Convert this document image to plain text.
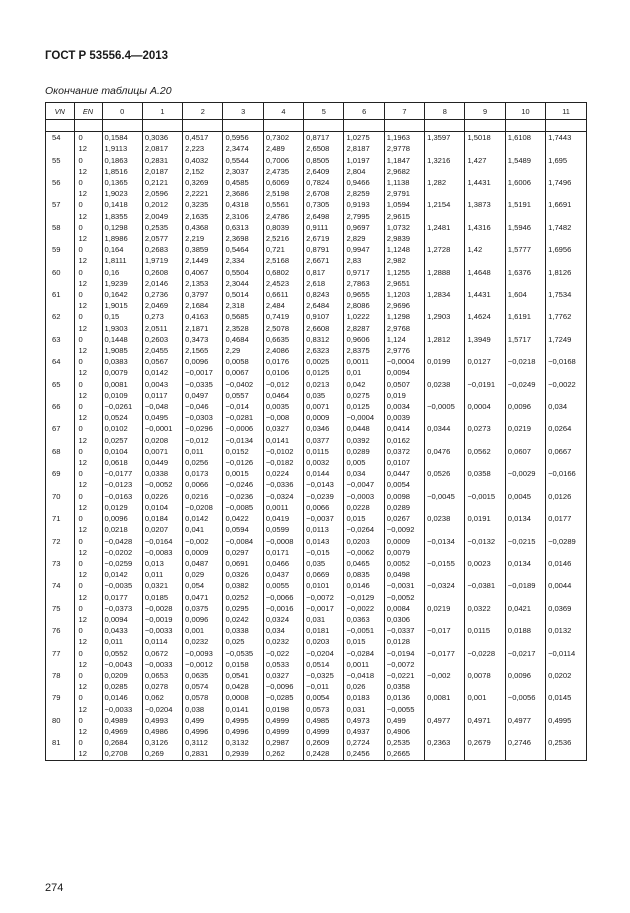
ГОСТ Р 53556.4—2013
Окончание таблицы А.20
VN	EN	0	1	2	3	4	5	6	7	8	9	10	11

54	0	0,1584	0,3036	0,4517	0,5956	0,7302	0,8717	1,0275	1,1963	1,3597	1,5018	1,6108	1,7443
	12	1,9113	2,0817	2,223	2,3474	2,489	2,6508	2,8187	2,9778				
55	0	0,1863	0,2831	0,4032	0,5544	0,7006	0,8505	1,0197	1,1847	1,3216	1,427	1,5489	1,695
	12	1,8516	2,0187	2,152	2,3037	2,4735	2,6409	2,804	2,9682				
56	0	0,1365	0,2121	0,3269	0,4585	0,6069	0,7824	0,9466	1,1138	1,282	1,4431	1,6006	1,7496
	12	1,9023	2,0596	2,2221	2,3686	2,5198	2,6708	2,8259	2,9791				
57	0	0,1418	0,2012	0,3235	0,4318	0,5561	0,7305	0,9193	1,0594	1,2154	1,3873	1,5191	1,6691
	12	1,8355	2,0049	2,1635	2,3106	2,4786	2,6498	2,7995	2,9615				
58	0	0,1298	0,2535	0,4368	0,6313	0,8039	0,9111	0,9697	1,0732	1,2481	1,4316	1,5946	1,7482
	12	1,8986	2,0577	2,219	2,3698	2,5216	2,6719	2,829	2,9839				
59	0	0,164	0,2683	0,3859	0,5464	0,721	0,8791	0,9947	1,1248	1,2728	1,42	1,5777	1,6956
	12	1,8111	1,9719	2,1449	2,334	2,5168	2,6671	2,83	2,982				
60	0	0,16	0,2608	0,4067	0,5504	0,6802	0,817	0,9717	1,1255	1,2888	1,4648	1,6376	1,8126
	12	1,9239	2,0146	2,1353	2,3044	2,4523	2,618	2,7863	2,9651				
61	0	0,1642	0,2736	0,3797	0,5014	0,6611	0,8243	0,9655	1,1203	1,2834	1,4431	1,604	1,7534
	12	1,9015	2,0469	2,1684	2,318	2,484	2,6484	2,8086	2,9696				
62	0	0,15	0,273	0,4163	0,5685	0,7419	0,9107	1,0222	1,1298	1,2903	1,4624	1,6191	1,7762
	12	1,9303	2,0511	2,1871	2,3528	2,5078	2,6608	2,8287	2,9768				
63	0	0,1448	0,2603	0,3473	0,4684	0,6635	0,8312	0,9606	1,124	1,2812	1,3949	1,5717	1,7249
	12	1,9085	2,0455	2,1565	2,29	2,4086	2,6323	2,8375	2,9776				
64	0	0,0383	0,0567	0,0096	0,0058	0,0176	0,0025	0,0011	−0,0004	0,0199	0,0127	−0,0218	−0,0168
	12	0,0079	0,0142	−0,0017	0,0067	0,0106	0,0125	0,01	0,0094				
65	0	0,0081	0,0043	−0,0335	−0,0402	−0,012	0,0213	0,042	0,0507	0,0238	−0,0191	−0,0249	−0,0022
	12	0,0109	0,0117	0,0497	0,0557	0,0464	0,035	0,0275	0,019				
66	0	−0,0261	−0,048	−0,046	−0,014	0,0035	0,0071	0,0125	0,0034	−0,0005	0,0004	0,0096	0,034
	12	0,0524	0,0495	−0,0303	−0,0281	−0,008	0,0009	−0,0004	0,0039				
67	0	0,0102	−0,0001	−0,0296	−0,0006	0,0327	0,0346	0,0448	0,0414	0,0344	0,0273	0,0219	0,0264
	12	0,0257	0,0208	−0,012	−0,0134	0,0141	0,0377	0,0392	0,0162				
68	0	0,0104	0,0071	0,011	0,0152	−0,0102	0,0115	0,0289	0,0372	0,0476	0,0562	0,0607	0,0667
	12	0,0618	0,0449	0,0256	−0,0126	−0,0182	0,0032	0,005	0,0107				
69	0	−0,0177	0,0338	0,0173	0,0015	0,0224	0,0144	0,034	0,0447	0,0526	0,0358	−0,0029	−0,0166
	12	−0,0123	−0,0052	0,0066	−0,0246	−0,0336	−0,0143	−0,0047	0,0054				
70	0	−0,0163	0,0226	0,0216	−0,0236	−0,0324	−0,0239	−0,0003	0,0098	−0,0045	−0,0015	0,0045	0,0126
	12	0,0129	0,0104	−0,0208	−0,0085	0,0011	0,0066	0,0228	0,0289				
71	0	0,0096	0,0184	0,0142	0,0422	0,0419	−0,0037	0,015	0,0267	0,0238	0,0191	0,0134	0,0177
	12	0,0218	0,0207	0,041	0,0594	0,0599	0,0113	−0,0264	−0,0092				
72	0	−0,0428	−0,0164	−0,002	−0,0084	−0,0008	0,0143	0,0203	0,0009	−0,0134	−0,0132	−0,0215	−0,0289
	12	−0,0202	−0,0083	0,0009	0,0297	0,0171	−0,015	−0,0062	0,0079				
73	0	−0,0259	0,013	0,0487	0,0691	0,0466	0,035	0,0465	0,0052	−0,0155	0,0023	0,0134	0,0146
	12	0,0142	0,011	0,029	0,0326	0,0437	0,0669	0,0835	0,0498				
74	0	−0,0035	0,0321	0,054	0,0382	0,0055	0,0101	0,0146	−0,0031	−0,0324	−0,0381	−0,0189	0,0044
	12	0,0177	0,0185	0,0471	0,0252	−0,0066	−0,0072	−0,0129	−0,0052				
75	0	−0,0373	−0,0028	0,0375	0,0295	−0,0016	−0,0017	−0,0022	0,0084	0,0219	0,0322	0,0421	0,0369
	12	0,0094	−0,0019	0,0096	0,0242	0,0324	0,031	0,0363	0,0306				
76	0	0,0433	−0,0033	0,001	0,0338	0,034	0,0181	−0,0051	−0,0337	−0,017	0,0115	0,0188	0,0132
	12	0,011	0,0114	0,0232	0,025	0,0232	0,0203	0,015	0,0128				
77	0	0,0552	0,0672	−0,0093	−0,0535	−0,022	−0,0204	−0,0284	−0,0194	−0,0177	−0,0228	−0,0217	−0,0114
	12	−0,0043	−0,0033	−0,0012	0,0158	0,0533	0,0514	0,0011	−0,0072				
78	0	0,0209	0,0653	0,0635	0,0541	0,0327	−0,0325	−0,0418	−0,0221	−0,002	0,0078	0,0096	0,0202
	12	0,0285	0,0278	0,0574	0,0428	−0,0096	−0,011	0,026	0,0358				
79	0	0,0146	0,062	0,0578	0,0008	−0,0285	0,0054	0,0183	0,0136	0,0081	0,001	−0,0056	0,0145
	12	−0,0033	−0,0204	0,038	0,0141	0,0198	0,0573	0,031	−0,0055				
80	0	0,4989	0,4993	0,499	0,4995	0,4999	0,4985	0,4973	0,499	0,4977	0,4971	0,4977	0,4995
	12	0,4969	0,4986	0,4996	0,4996	0,4999	0,4999	0,4937	0,4906				
81	0	0,2684	0,3126	0,3112	0,3132	0,2987	0,2609	0,2724	0,2535	0,2363	0,2679	0,2746	0,2536
	12	0,2708	0,269	0,2831	0,2939	0,262	0,2428	0,2456	0,2665				
274
